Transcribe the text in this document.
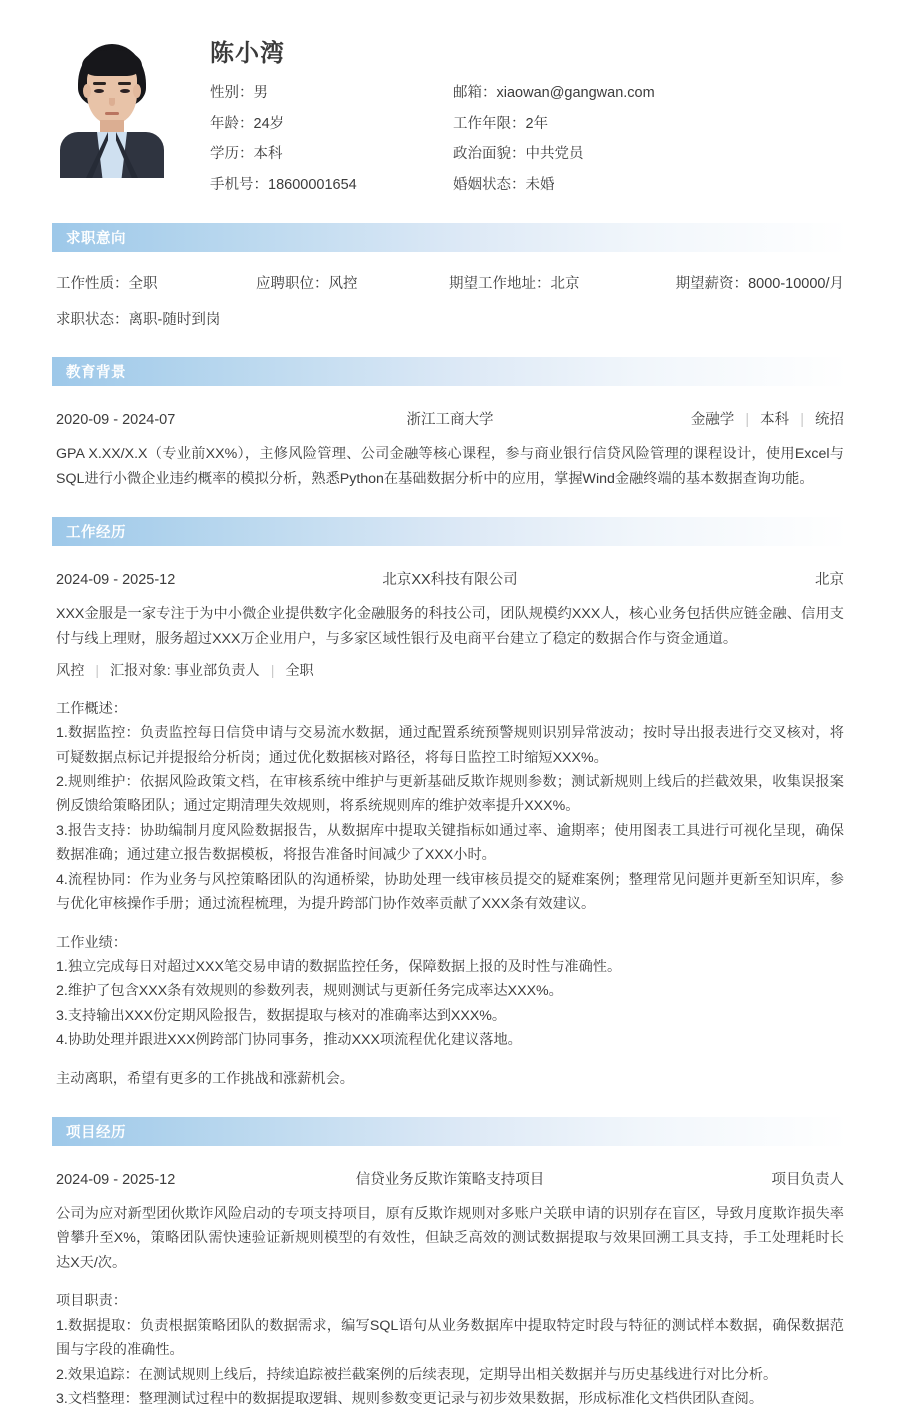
陈小湾
性别：男	邮箱：xiaowan@gangwan.com
年龄：24岁	工作年限：2年
学历：本科	政治面貌：中共党员
手机号：18600001654	婚姻状态：未婚
求职意向
工作性质：全职	应聘职位：风控	期望工作地址：北京	期望薪资：8000-10000/月
求职状态：离职-随时到岗
教育背景
2020-09 - 2024-07	浙江工商大学	金融学 | 本科 | 统招
GPA X.XX/X.X（专业前XX%），主修风险管理、公司金融等核心课程，参与商业银行信贷风险管理的课程设计，使用Excel与SQL进行小微企业违约概率的模拟分析，熟悉Python在基础数据分析中的应用，掌握Wind金融终端的基本数据查询功能。
工作经历
2024-09 - 2025-12	北京XX科技有限公司	北京
XXX金服是一家专注于为中小微企业提供数字化金融服务的科技公司，团队规模约XXX人，核心业务包括供应链金融、信用支付与线上理财，服务超过XXX万企业用户，与多家区域性银行及电商平台建立了稳定的数据合作与资金通道。
风控 | 汇报对象: 事业部负责人 | 全职
工作概述：
1.数据监控：负责监控每日信贷申请与交易流水数据，通过配置系统预警规则识别异常波动；按时导出报表进行交叉核对，将可疑数据点标记并提报给分析岗；通过优化数据核对路径，将每日监控工时缩短XXX%。
2.规则维护：依据风险政策文档，在审核系统中维护与更新基础反欺诈规则参数；测试新规则上线后的拦截效果，收集误报案例反馈给策略团队；通过定期清理失效规则，将系统规则库的维护效率提升XXX%。
3.报告支持：协助编制月度风险数据报告，从数据库中提取关键指标如通过率、逾期率；使用图表工具进行可视化呈现，确保数据准确；通过建立报告数据模板，将报告准备时间减少了XXX小时。
4.流程协同：作为业务与风控策略团队的沟通桥梁，协助处理一线审核员提交的疑难案例；整理常见问题并更新至知识库，参与优化审核操作手册；通过流程梳理，为提升跨部门协作效率贡献了XXX条有效建议。
工作业绩：
1.独立完成每日对超过XXX笔交易申请的数据监控任务，保障数据上报的及时性与准确性。
2.维护了包含XXX条有效规则的参数列表，规则测试与更新任务完成率达XXX%。
3.支持输出XXX份定期风险报告，数据提取与核对的准确率达到XXX%。
4.协助处理并跟进XXX例跨部门协同事务，推动XXX项流程优化建议落地。
主动离职，希望有更多的工作挑战和涨薪机会。
项目经历
2024-09 - 2025-12	信贷业务反欺诈策略支持项目	项目负责人
公司为应对新型团伙欺诈风险启动的专项支持项目，原有反欺诈规则对多账户关联申请的识别存在盲区，导致月度欺诈损失率曾攀升至X%，策略团队需快速验证新规则模型的有效性，但缺乏高效的测试数据提取与效果回溯工具支持，手工处理耗时长达X天/次。
项目职责：
1.数据提取：负责根据策略团队的数据需求，编写SQL语句从业务数据库中提取特定时段与特征的测试样本数据，确保数据范围与字段的准确性。
2.效果追踪：在测试规则上线后，持续追踪被拦截案例的后续表现，定期导出相关数据并与历史基线进行对比分析。
3.文档整理：整理测试过程中的数据提取逻辑、规则参数变更记录与初步效果数据，形成标准化文档供团队查阅。
